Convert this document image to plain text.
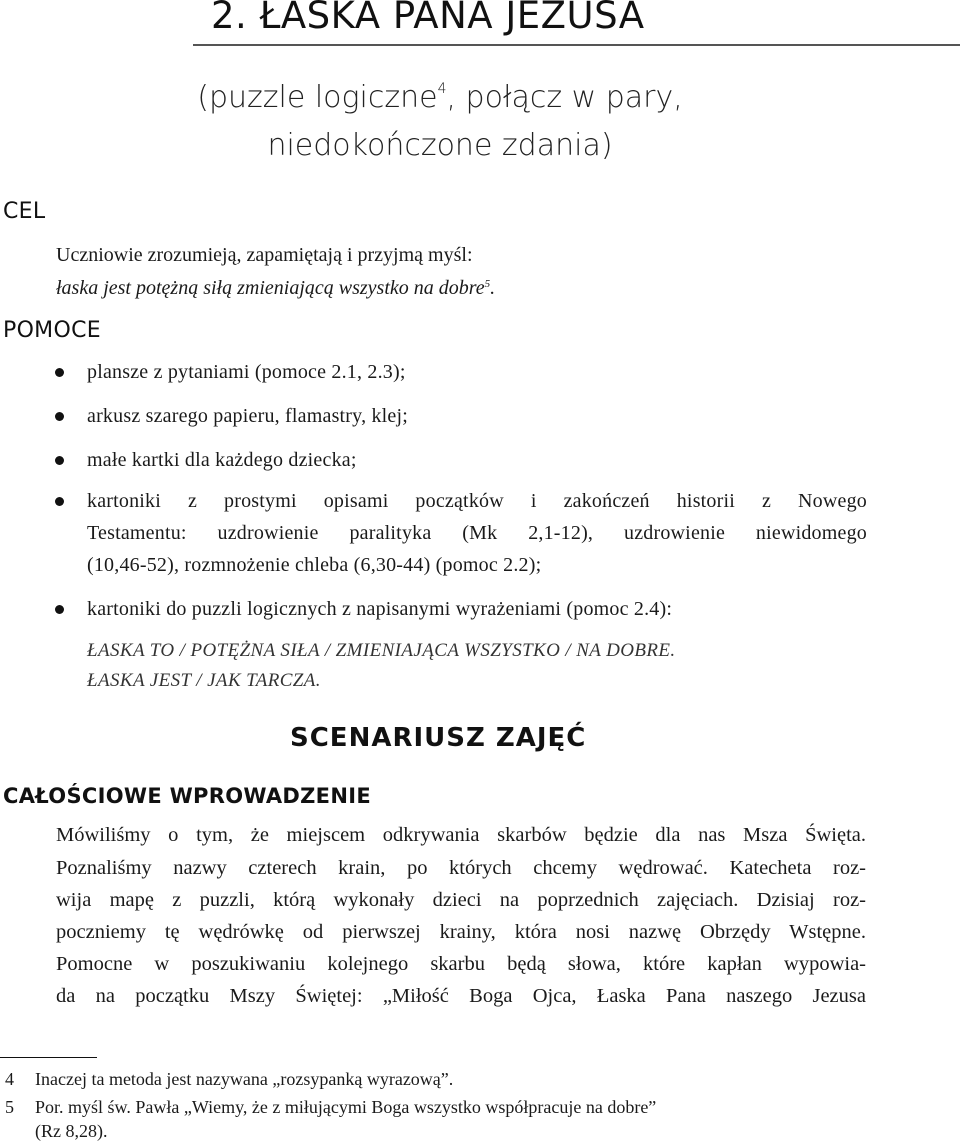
2. ŁASKA PANA JEZUSA
(puzzle logiczne$^4$, połącz w pary,
niedokończone zdania)
CEL
Uczniowie zrozumieją, zapamiętają i przyjmą myśl:
łaska jest potężną siłą zmieniającą wszystko na dobre$^5$.
POMOCE
plansze z pytaniami (pomoce 2.1, 2.3);
arkusz szarego papieru, flamastry, klej;
małe kartki dla każdego dziecka;
kartoniki z prostymi opisami początków i zakończeń historii z Nowego
Testamentu: uzdrowienie paralityka (Mk 2,1-12), uzdrowienie niewidomego
(10,46-52), rozmnożenie chleba (6,30-44) (pomoc 2.2);
kartoniki do puzzli logicznych z napisanymi wyrażeniami (pomoc 2.4):
ŁASKA TO / POTĘŻNA SIŁA / ZMIENIAJĄCA WSZYSTKO / NA DOBRE.
ŁASKA JEST / JAK TARCZA.
SCENARIUSZ ZAJĘĆ
CAŁOŚCIOWE WPROWADZENIE
Mówiliśmy o tym, że miejscem odkrywania skarbów będzie dla nas Msza Święta.
Poznaliśmy nazwy czterech krain, po których chcemy wędrować. Katecheta roz-
wija mapę z puzzli, którą wykonały dzieci na poprzednich zajęciach. Dzisiaj roz-
poczniemy tę wędrówkę od pierwszej krainy, która nosi nazwę Obrzędy Wstępne.
Pomocne w poszukiwaniu kolejnego skarbu będą słowa, które kapłan wypowia-
da na początku Mszy Świętej: „Miłość Boga Ojca, Łaska Pana naszego Jezusa
4 Inaczej ta metoda jest nazywana „rozsypanką wyrazową”.
5 Por. myśl św. Pawła „Wiemy, że z miłującymi Boga wszystko współpracuje na dobre”
(Rz 8,28).
